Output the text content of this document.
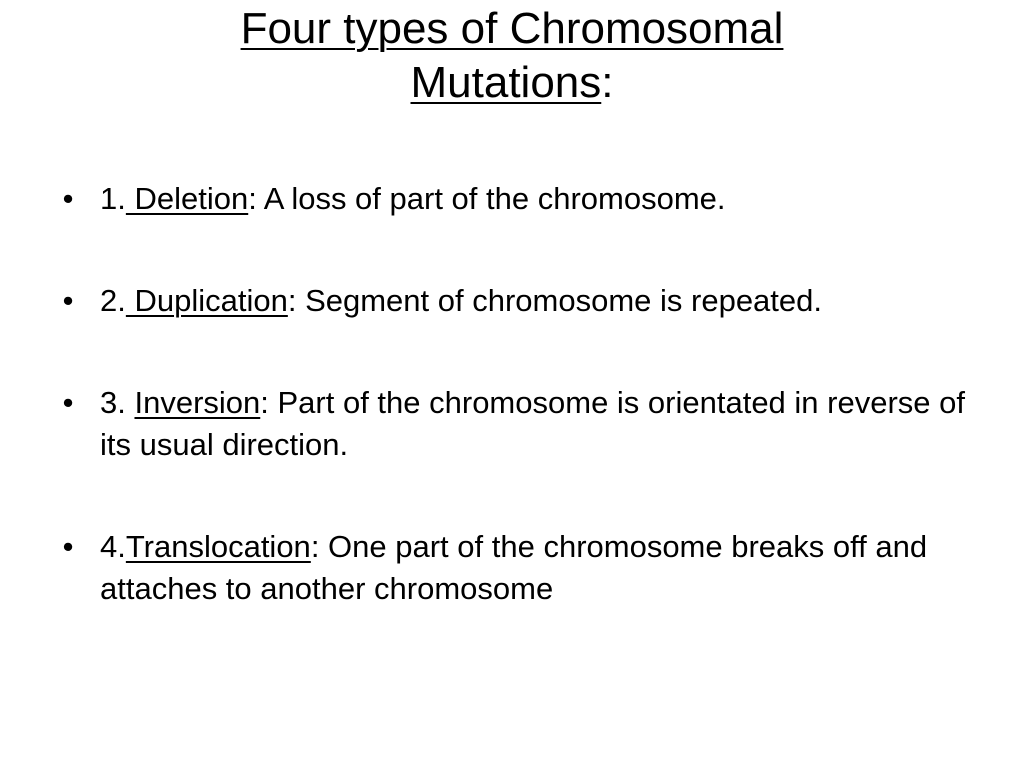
Four types of Chromosomal
Mutations:
• 1. Deletion: A loss of part of the chromosome.
• 2. Duplication: Segment of chromosome is repeated.
• 3. Inversion: Part of the chromosome is orientated in reverse of its usual direction.
• 4.Translocation: One part of the chromosome breaks off and attaches to another chromosome
